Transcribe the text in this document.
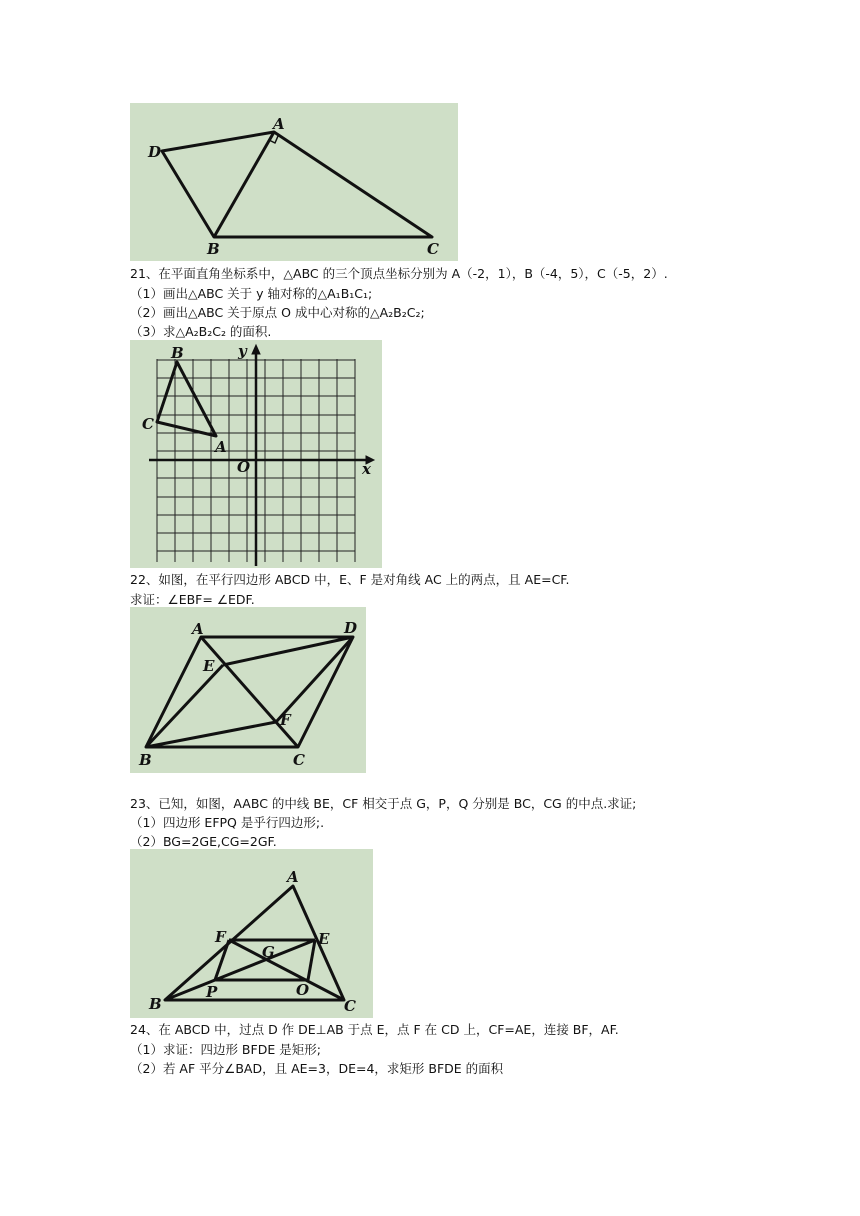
D
A
B	C
21、在平面直角坐标系中，△ABC 的三个顶点坐标分别为 A（-2，1），B（-4，5），C（-5，2）.
（1）画出△ABC 关于 y 轴对称的△A₁B₁C₁;
（2）画出△ABC 关于原点 O 成中心对称的△A₂B₂C₂;
（3）求△A₂B₂C₂ 的面积.
B
C
A
O	x
y
22、如图，在平行四边形 ABCD 中，E、F 是对角线 AC 上的两点，且 AE=CF.
求证：∠EBF= ∠EDF.
A	D
E
F
B	C
23、已知，如图，AABC 的中线 BE，CF 相交于点 G，P，Q 分别是 BC，CG 的中点.求证;
（1）四边形 EFPQ 是乎行四边形;.
（2）BG=2GE,CG=2GF.
A
F	E
G
P	O
B	C
24、在 ABCD 中，过点 D 作 DE⊥AB 于点 E，点 F 在 CD 上，CF=AE，连接 BF，AF.
（1）求证：四边形 BFDE 是矩形;
（2）若 AF 平分∠BAD，且 AE=3，DE=4，求矩形 BFDE 的面积
